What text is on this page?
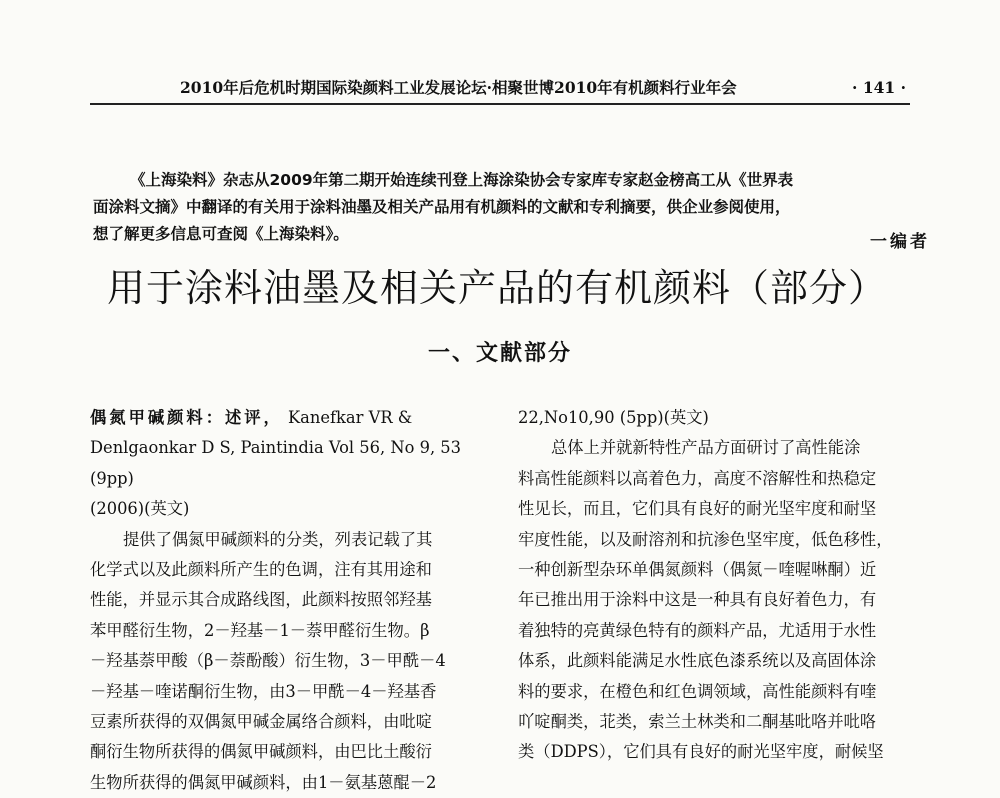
2010年后危机时期国际染颜料工业发展论坛·相聚世博2010年有机颜料行业年会	· 141 ·

《上海染料》杂志从2009年第二期开始连续刊登上海涂染协会专家库专家赵金榜高工从《世界表

面涂料文摘》中翻译的有关用于涂料油墨及相关产品用有机颜料的文献和专利摘要，供企业参阅使用，

想了解更多信息可查阅《上海染料》。	一编者
用于涂料油墨及相关产品的有机颜料（部分）
一、文献部分

偶氮甲碱颜料：述评， Kanefkar VR &

Denlgaonkar D S, Paintindia Vol 56, No 9, 53 (9pp)

(2006)(英文)

提供了偶氮甲碱颜料的分类，列表记载了其

化学式以及此颜料所产生的色调，注有其用途和

性能，并显示其合成路线图，此颜料按照邻羟基

苯甲醛衍生物，2－羟基－1－萘甲醛衍生物。β

－羟基萘甲酸（β－萘酚酸）衍生物，3－甲酰－4

－羟基－喹诺酮衍生物，由3－甲酰－4－羟基香

豆素所获得的双偶氮甲碱金属络合颜料，由吡啶

酮衍生物所获得的偶氮甲碱颜料，由巴比土酸衍

生物所获得的偶氮甲碱颜料，由1－氨基蒽醌－2

22,No10,90 (5pp)(英文)

总体上并就新特性产品方面研讨了高性能涂

料高性能颜料以高着色力，高度不溶解性和热稳定

性见长，而且，它们具有良好的耐光坚牢度和耐坚

牢度性能，以及耐溶剂和抗渗色坚牢度，低色移性，

一种创新型杂环单偶氮颜料（偶氮－喹喔啉酮）近

年已推出用于涂料中这是一种具有良好着色力，有

着独特的亮黄绿色特有的颜料产品，尤适用于水性

体系，此颜料能满足水性底色漆系统以及高固体涂

料的要求，在橙色和红色调领域，高性能颜料有喹

吖啶酮类，苝类，索兰土林类和二酮基吡咯并吡咯

类（DDPS），它们具有良好的耐光坚牢度，耐候坚
